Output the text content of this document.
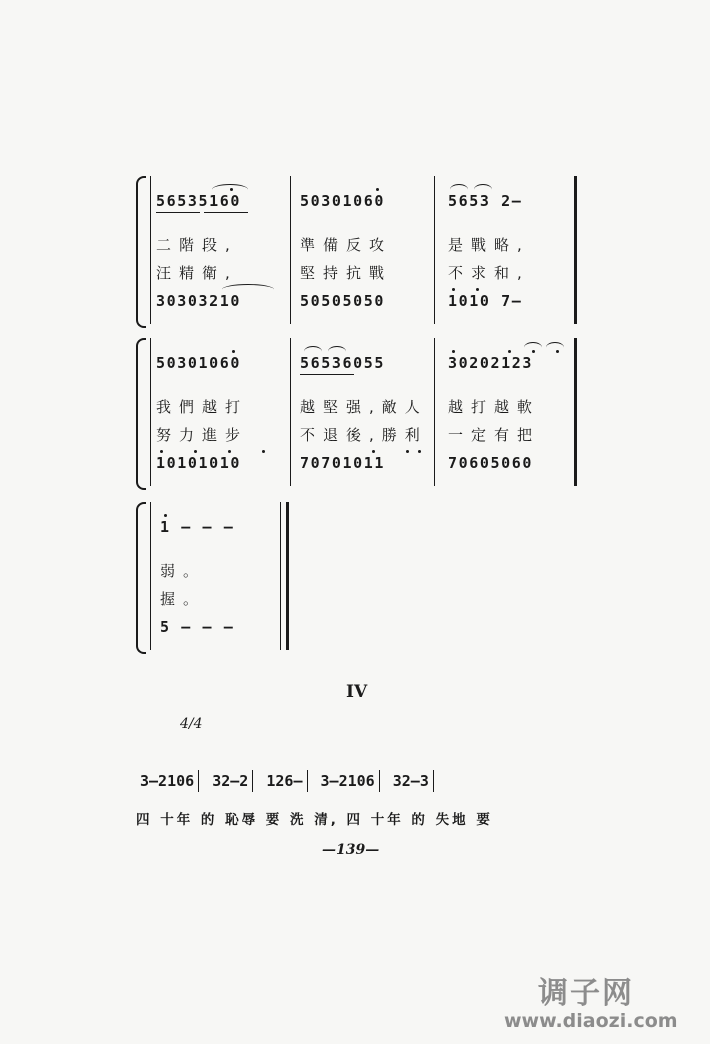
56535160
二階段,
汪精衛,
30303210
50301060
準備反攻
堅持抗戰
50505050
5653 2—
是戰略,
不求和,
1010 7—
50301060
我們越打
努力進步
10101010
56536055
越堅强,敵人
不退後,勝利
70701011
30202123
越打越軟
一定有把
70605060
1 — — —
弱。
握。
5 — — —
IV
4/4
3—2106 32—2 126— 3—2106 32—3
四 十年 的 恥辱 要 洗 清, 四 十年 的 失地 要
—139—
调子网
www.diaozi.com
